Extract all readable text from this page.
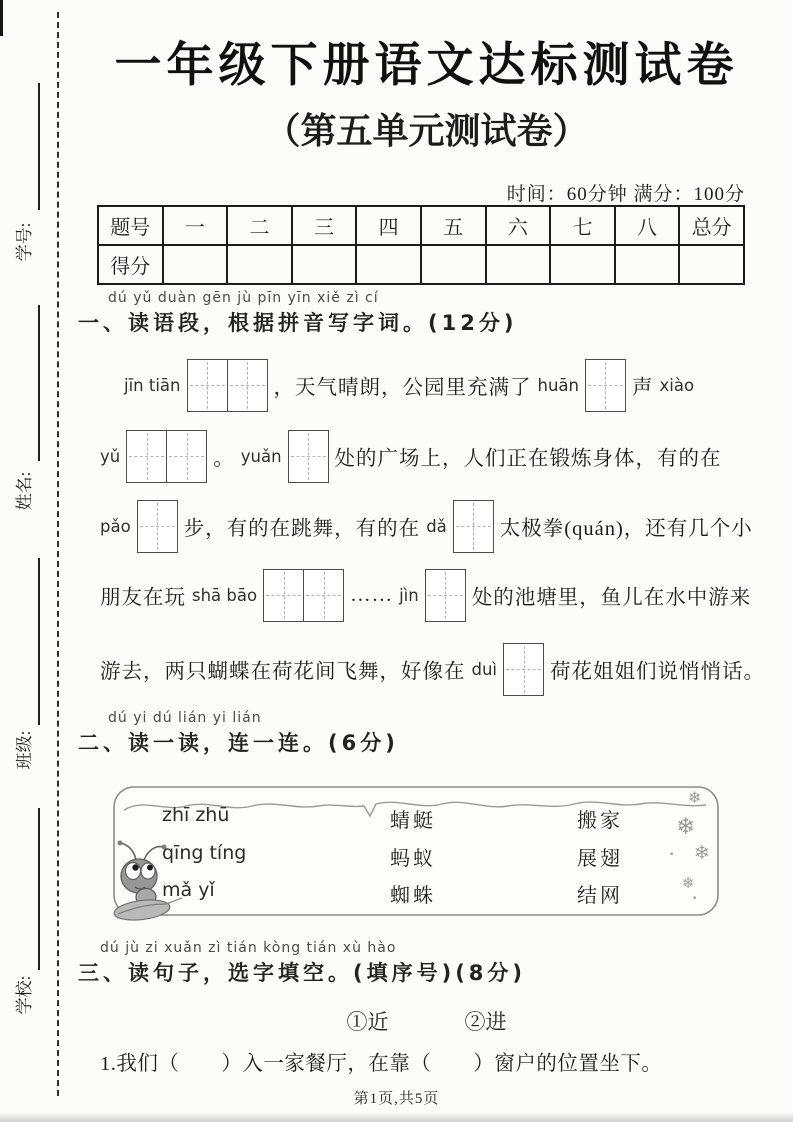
学号:
姓名:
班级:
学校:
一年级下册语文达标测试卷
（第五单元测试卷）
时间：60分钟 满分：100分
题号	一	二	三	四	五	六	七	八	总分
得分									
dú yǔ duàn gēn jù pīn yīn xiě zì cí
一、读语段，根据拼音写字词。(12分)
jīn tiān	，天气晴朗，公园里充满了 huān	声 xiào
yǔ	。 yuǎn	处的广场上，人们正在锻炼身体，有的在
pǎo	步，有的在跳舞，有的在 dǎ	太极拳(quán)，还有几个小
朋友在玩 shā bāo	…… jìn	处的池塘里，鱼儿在水中游来
游去，两只蝴蝶在荷花间飞舞，好像在 duì	荷花姐姐们说悄悄话。
dú yi dú lián yi lián
二、读一读，连一连。(6分)
zhī zhū	蜻蜓	搬家
qīng tíng	蚂蚁	展翅
mǎ yǐ	蜘蛛	结网
❄
❄
❄
❄
•
•
dú jù zi xuǎn zì tián kòng tián xù hào
三、读句子，选字填空。(填序号)(8分)
①近	②进
1.我们（　　）入一家餐厅，在靠（　　）窗户的位置坐下。
第1页,共5页
